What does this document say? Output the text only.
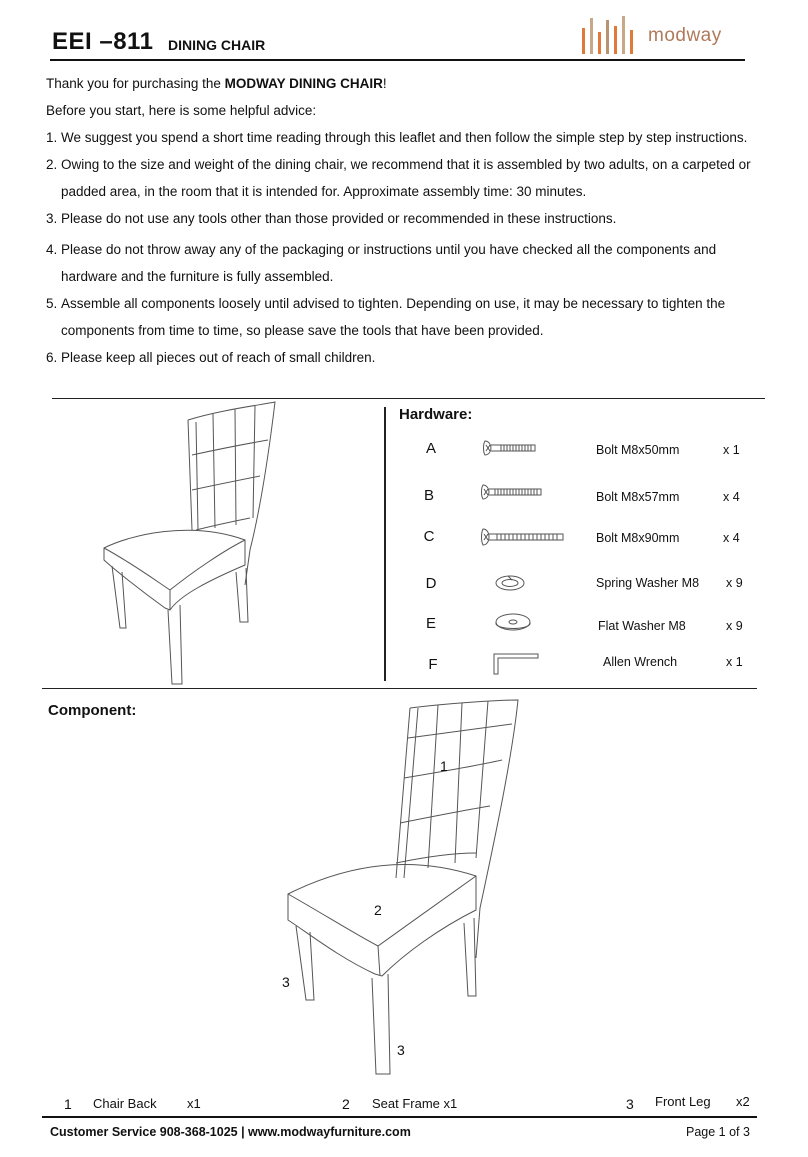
EEI –811 DINING CHAIR	modway

Thank you for purchasing the MODWAY DINING CHAIR!

Before you start, here is some helpful advice:

1. We suggest you spend a short time reading through this leaflet and then follow the simple step by step instructions.
2. Owing to the size and weight of the dining chair, we recommend that it is assembled by two adults, on a carpeted or padded area, in the room that it is intended for. Approximate assembly time: 30 minutes.
3. Please do not use any tools other than those provided or recommended in these instructions.
4. Please do not throw away any of the packaging or instructions until you have checked all the components and hardware and the furniture is fully assembled.
5. Assemble all components loosely until advised to tighten. Depending on use, it may be necessary to tighten the components from time to time, so please save the tools that have been provided.
6. Please keep all pieces out of reach of small children.
Hardware:
A	Bolt M8x50mm	x 1
B	Bolt M8x57mm	x 4
C	Bolt M8x90mm	x 4
D	Spring Washer M8 x 9
E	Flat Washer M8	x 9
F	Allen Wrench	x 1
Component:
1
2
3
3
1 Chair Back x1	2 Seat Frame x1	3 Front Leg x2
Customer Service 908-368-1025 | www.modwayfurniture.com	Page 1 of 3
